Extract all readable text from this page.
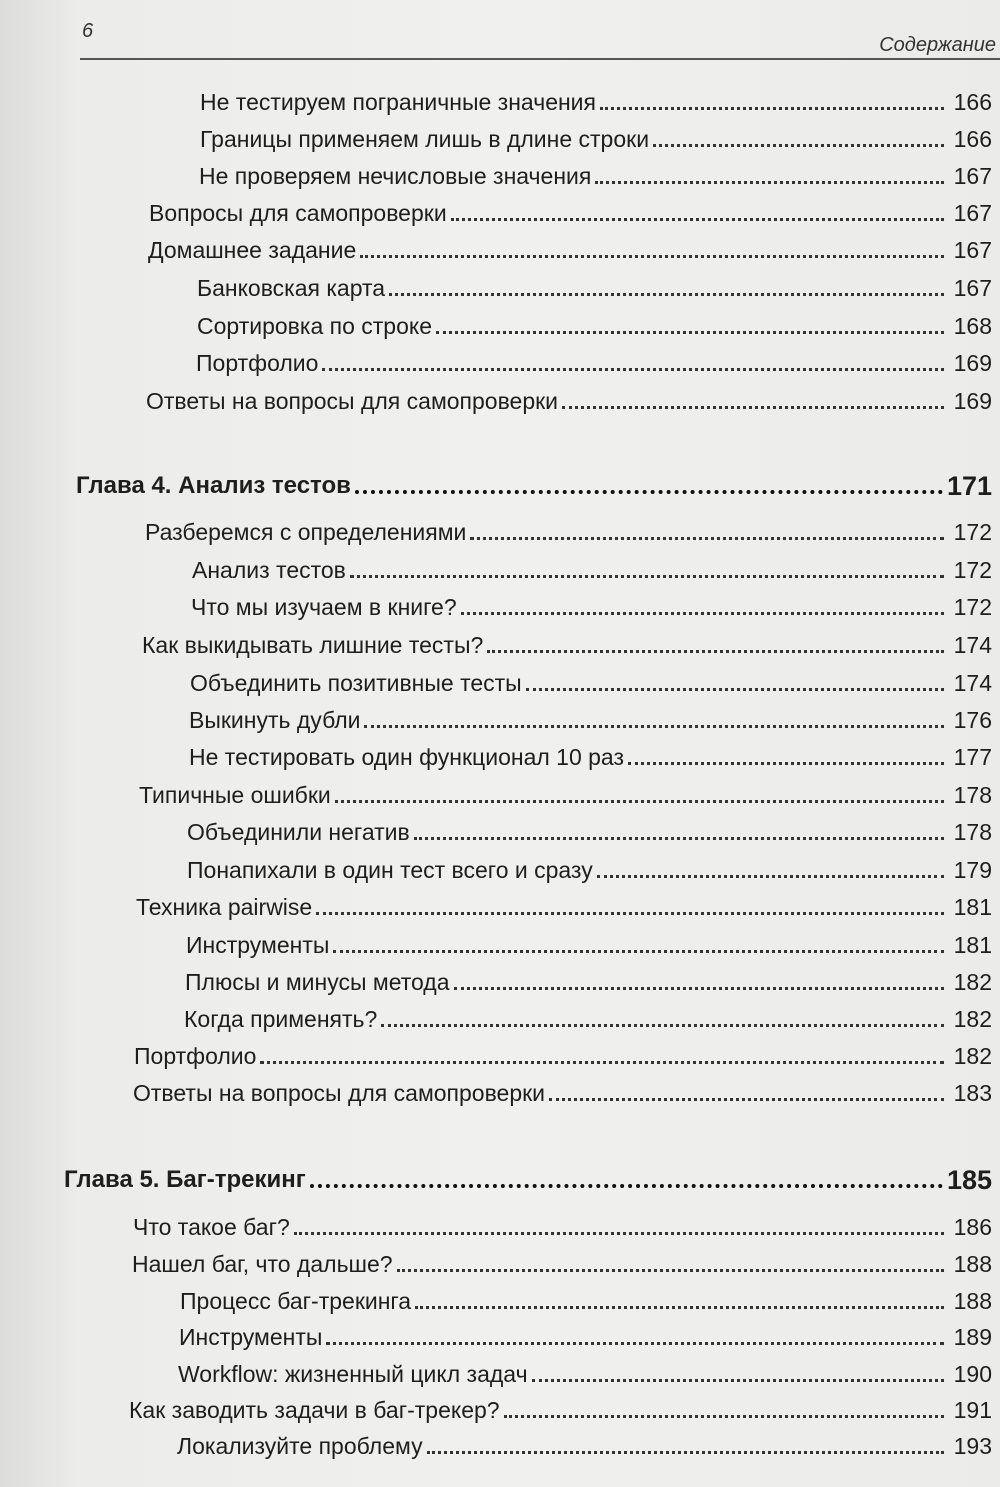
6
Содержание
Не тестируем пограничные значения	166
Границы применяем лишь в длине строки	166
Не проверяем нечисловые значения	167
Вопросы для самопроверки	167
Домашнее задание	167
Банковская карта	167
Сортировка по строке	168
Портфолио	169
Ответы на вопросы для самопроверки	169
Глава 4. Анализ тестов	171
Разберемся с определениями	172
Анализ тестов	172
Что мы изучаем в книге?	172
Как выкидывать лишние тесты?	174
Объединить позитивные тесты	174
Выкинуть дубли	176
Не тестировать один функционал 10 раз	177
Типичные ошибки	178
Объединили негатив	178
Понапихали в один тест всего и сразу	179
Техника pairwise	181
Инструменты	181
Плюсы и минусы метода	182
Когда применять?	182
Портфолио	182
Ответы на вопросы для самопроверки	183
Глава 5. Баг-трекинг	185
Что такое баг?	186
Нашел баг, что дальше?	188
Процесс баг-трекинга	188
Инструменты	189
Workflow: жизненный цикл задач	190
Как заводить задачи в баг-трекер?	191
Локализуйте проблему	193
